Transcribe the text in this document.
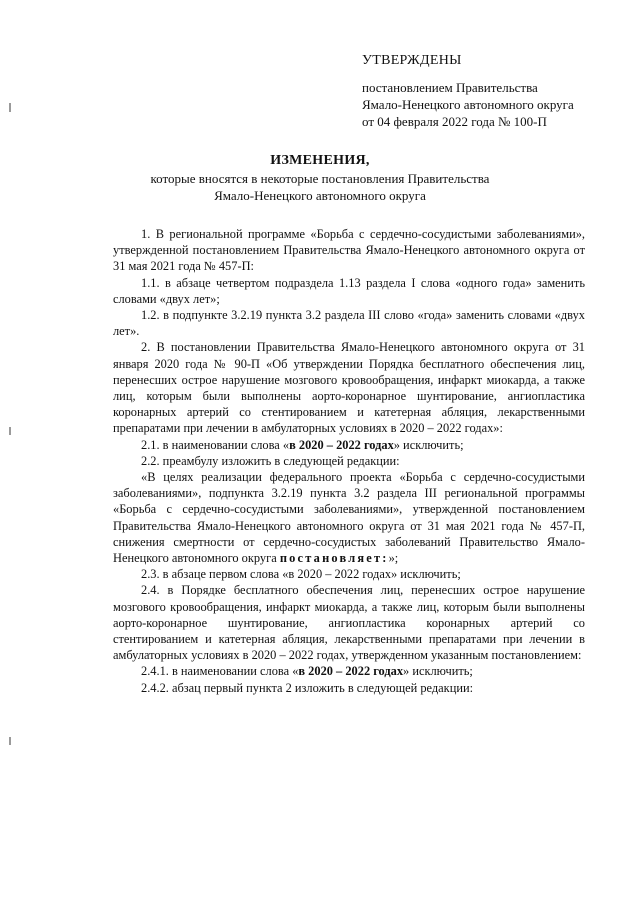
УТВЕРЖДЕНЫ

постановлением Правительства

Ямало-Ненецкого автономного округа

от 04 февраля 2022 года № 100-П

ИЗМЕНЕНИЯ,

которые вносятся в некоторые постановления Правительства

Ямало-Ненецкого автономного округа

1. В региональной программе «Борьба с сердечно-сосудистыми заболеваниями», утвержденной постановлением Правительства Ямало-Ненецкого автономного округа от 31 мая 2021 года № 457-П:

1.1. в абзаце четвертом подраздела 1.13 раздела I слова «одного года» заменить словами «двух лет»;

1.2. в подпункте 3.2.19 пункта 3.2 раздела III слово «года» заменить словами «двух лет».

2. В постановлении Правительства Ямало-Ненецкого автономного округа от 31 января 2020 года № 90-П «Об утверждении Порядка бесплатного обеспечения лиц, перенесших острое нарушение мозгового кровообращения, инфаркт миокарда, а также лиц, которым были выполнены аорто-коронарное шунтирование, ангиопластика коронарных артерий со стентированием и катетерная абляция, лекарственными препаратами при лечении в амбулаторных условиях в 2020 – 2022 годах»:

2.1. в наименовании слова «в 2020 – 2022 годах» исключить;

2.2. преамбулу изложить в следующей редакции:

«В целях реализации федерального проекта «Борьба с сердечно-сосудистыми заболеваниями», подпункта 3.2.19 пункта 3.2 раздела III региональной программы «Борьба с сердечно-сосудистыми заболеваниями», утвержденной постановлением Правительства Ямало-Ненецкого автономного округа от 31 мая 2021 года № 457-П, снижения смертности от сердечно-сосудистых заболеваний Правительство Ямало-Ненецкого автономного округа постановляет:»;

2.3. в абзаце первом слова «в 2020 – 2022 годах» исключить;

2.4. в Порядке бесплатного обеспечения лиц, перенесших острое нарушение мозгового кровообращения, инфаркт миокарда, а также лиц, которым были выполнены аорто-коронарное шунтирование, ангиопластика коронарных артерий со стентированием и катетерная абляция, лекарственными препаратами при лечении в амбулаторных условиях в 2020 – 2022 годах, утвержденном указанным постановлением:

2.4.1. в наименовании слова «в 2020 – 2022 годах» исключить;

2.4.2. абзац первый пункта 2 изложить в следующей редакции:
